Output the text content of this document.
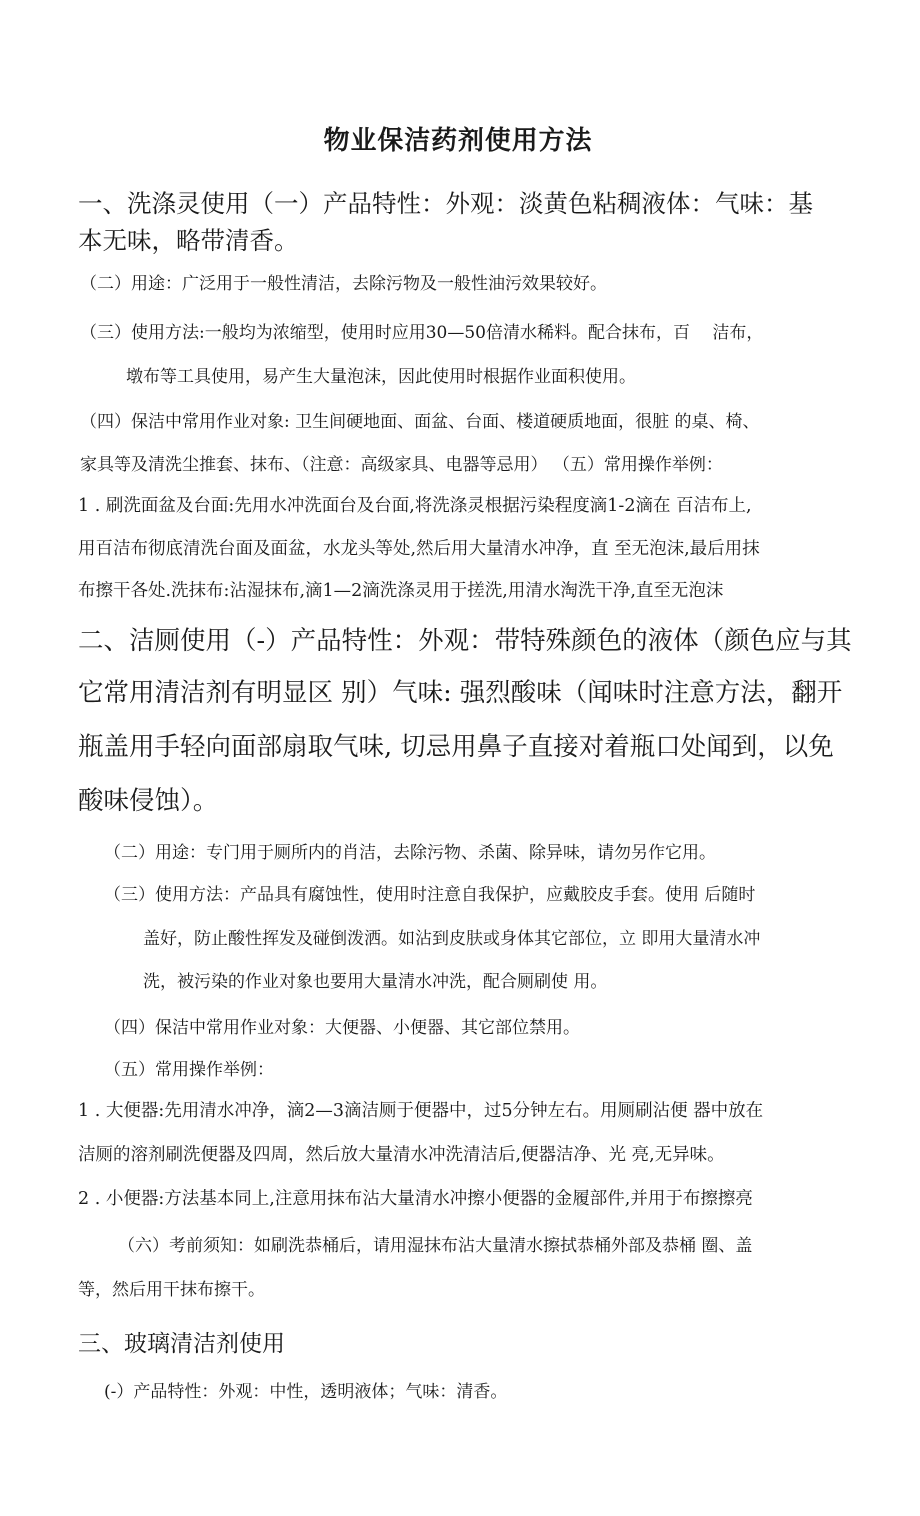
物业保洁药剂使用方法

一、洗涤灵使用（一）产品特性：外观：淡黄色粘稠液体：气味：基

本无味，略带清香。

（二）用途：广泛用于一般性清洁，去除污物及一般性油污效果较好。

（三）使用方法:一般均为浓缩型，使用时应用30—50倍清水稀料。配合抹布，百　 洁布，

墩布等工具使用，易产生大量泡沫，因此使用时根据作业面积使用。

（四）保洁中常用作业对象: 卫生间硬地面、面盆、台面、楼道硬质地面，很脏 的桌、椅、

家具等及清洗尘推套、抹布、（注意：高级家具、电器等忌用） （五）常用操作举例：

1 . 刷洗面盆及台面:先用水冲洗面台及台面,将洗涤灵根据污染程度滴1-2滴在 百洁布上,

用百洁布彻底清洗台面及面盆，水龙头等处,然后用大量清水冲净，直 至无泡沫,最后用抹

布擦干各处.洗抹布:沾湿抹布,滴1—2滴洗涤灵用于搓洗,用清水淘洗干净,直至无泡沫

二、洁厕使用（-）产品特性：外观：带特殊颜色的液体（颜色应与其

它常用清洁剂有明显区 别）气味: 强烈酸味（闻味时注意方法，翻开

瓶盖用手轻向面部扇取气味, 切忌用鼻子直接对着瓶口处闻到，以免

酸味侵蚀）。

（二）用途：专门用于厕所内的肖洁，去除污物、杀菌、除异味，请勿另作它用。

（三）使用方法：产品具有腐蚀性，使用时注意自我保护，应戴胶皮手套。使用 后随时

盖好，防止酸性挥发及碰倒泼洒。如沾到皮肤或身体其它部位，立 即用大量清水冲

洗，被污染的作业对象也要用大量清水冲洗，配合厕刷使 用。

（四）保洁中常用作业对象：大便器、小便器、其它部位禁用。

（五）常用操作举例：

1 . 大便器:先用清水冲净，滴2—3滴洁厕于便器中，过5分钟左右。用厕刷沾便 器中放在

洁厕的溶剂刷洗便器及四周，然后放大量清水冲洗清洁后,便器洁净、光 亮,无异味。

2 . 小便器:方法基本同上,注意用抹布沾大量清水冲擦小便器的金履部件,并用于布擦擦亮

（六）考前须知：如刷洗恭桶后，请用湿抹布沾大量清水擦拭恭桶外部及恭桶 圈、盖

等，然后用干抹布擦干。

三、玻璃清洁剂使用

(-）产品特性：外观：中性，透明液体；气味：清香。
